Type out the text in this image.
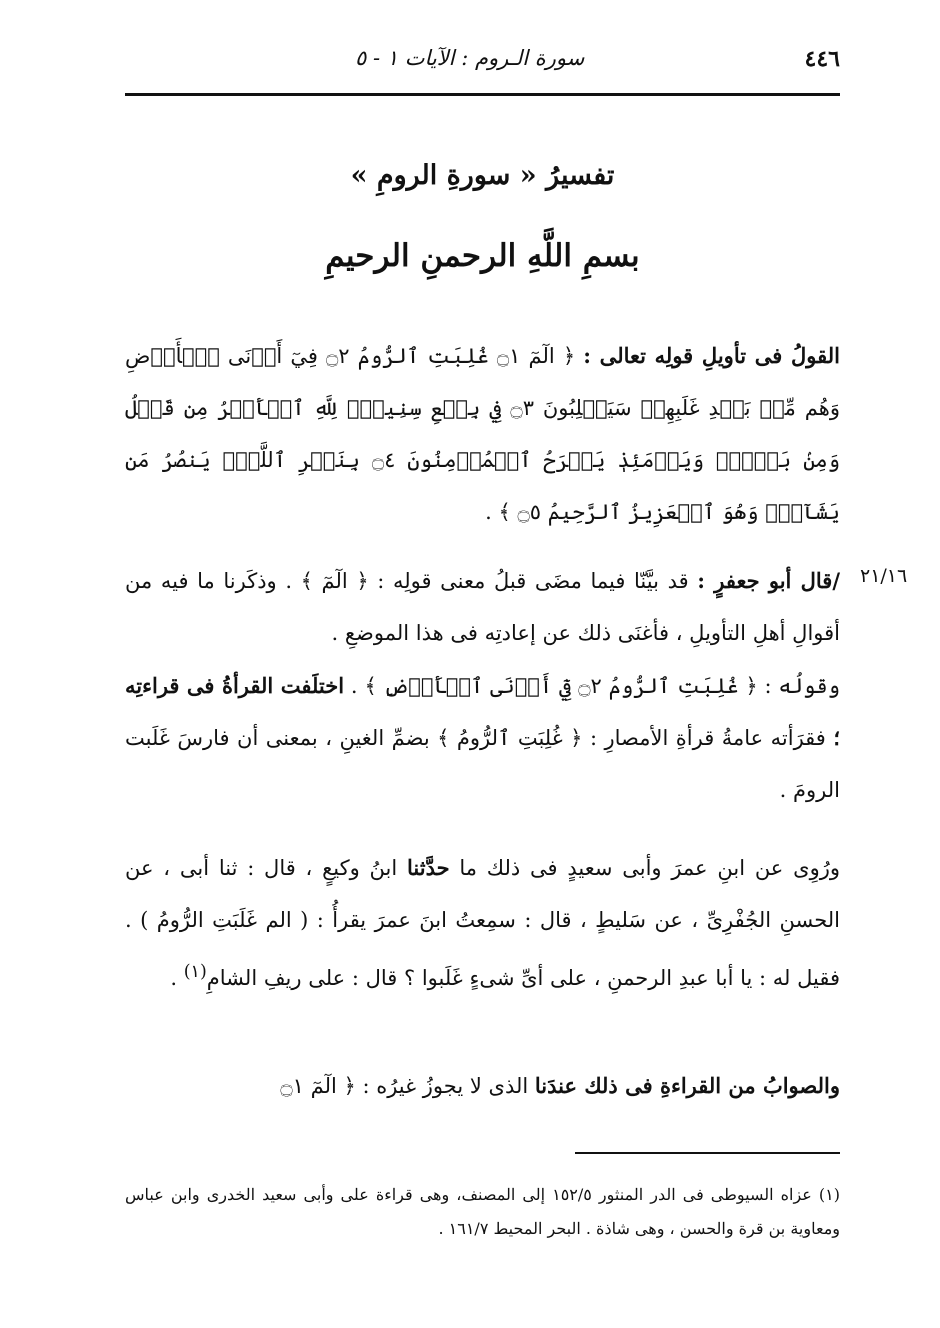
٤٤٦
سورة الـروم : الآيات ١ - ٥
تفسيرُ « سورةِ الرومِ »
بسمِ اللَّهِ الرحمنِ الرحيمِ
القولُ فى تأويلِ قولِه تعالى : ﴿ الٓمٓ ۝١ غُلِبَتِ ٱلرُّومُ ۝٢ فِيٓ أَدۡنَى ٱلۡأَرۡضِ وَهُم مِّنۢ بَعۡدِ غَلَبِهِمۡ سَيَغۡلِبُونَ ۝٣ فِي بِضۡعِ سِنِينَۗ لِلَّهِ ٱلۡأَمۡرُ مِن قَبۡلُ وَمِنۢ بَعۡدُۚ وَيَوۡمَئِذٖ يَفۡرَحُ ٱلۡمُؤۡمِنُونَ ۝٤ بِنَصۡرِ ٱللَّهِۚ يَنصُرُ مَن يَشَآءُۖ وَهُوَ ٱلۡعَزِيزُ ٱلرَّحِيمُ ۝٥ ﴾ .
٢١/١٦
/قال أبو جعفرٍ : قد بيَّنّا فيما مضَى قبلُ معنى قولِه : ﴿ الٓمٓ ﴾ . وذكَرنا ما فيه من أقوالِ أهلِ التأويلِ ، فأغنَى ذلك عن إعادتِه فى هذا الموضعِ .
وقولُه : ﴿ غُلِبَتِ ٱلرُّومُ ۝٢ فِيٓ أَدۡنَى ٱلۡأَرۡضِ ﴾ . اختلَفت القرأةُ فى قراءتِه ؛ فقرَأته عامةُ قرأةِ الأمصارِ : ﴿ غُلِبَتِ ٱلرُّومُ ﴾ بضمِّ الغينِ ، بمعنى أن فارسَ غَلَبت الرومَ .
ورُوِى عن ابنِ عمرَ وأبى سعيدٍ فى ذلك ما حدَّثنا ابنُ وكيعٍ ، قال : ثنا أبى ، عن الحسنِ الجُفْرِىِّ ، عن سَليطٍ ، قال : سمِعتُ ابنَ عمرَ يقرأُ : ( الم غَلَبَتِ الرُّومُ ) . فقيل له : يا أبا عبدِ الرحمنِ ، على أىِّ شىءٍ غَلَبوا ؟ قال : على ريفِ الشامِ$^{(١)}$ .
والصوابُ من القراءةِ فى ذلك عندَنا الذى لا يجوزُ غيرُه : ﴿ الٓمٓ ۝١
(١) عزاه السيوطى فى الدر المنثور ١٥٢/٥ إلى المصنف، وهى قراءة على وأبى سعيد الخدرى وابن عباس ومعاوية بن قرة والحسن ، وهى شاذة . البحر المحيط ١٦١/٧ .
